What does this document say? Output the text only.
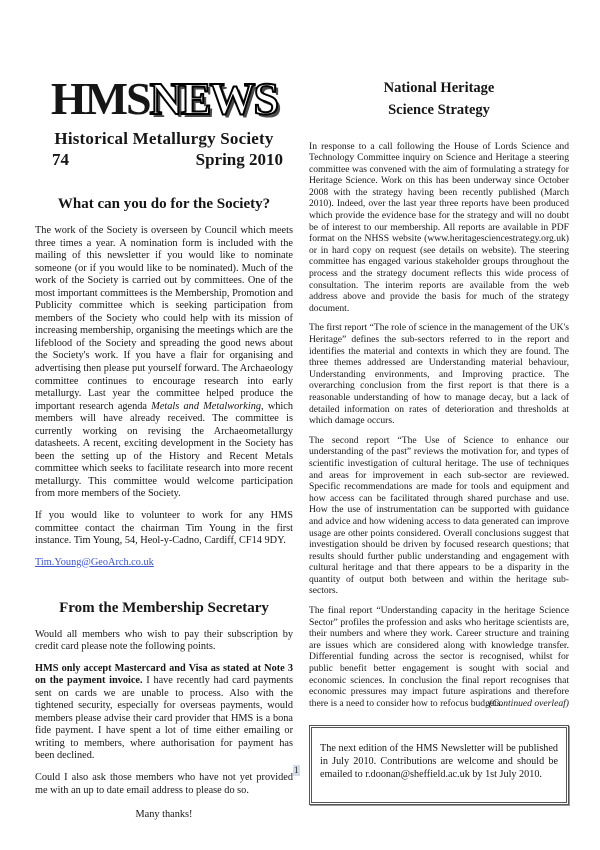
HMSNEWS
Historical Metallurgy Society
74	Spring 2010
What can you do for the Society?

The work of the Society is overseen by Council which meets three times a year. A nomination form is included with the mailing of this newsletter if you would like to nominate someone (or if you would like to be nominated). Much of the work of the Society is carried out by committees. One of the most important committees is the Membership, Promotion and Publicity committee which is seeking participation from members of the Society who could help with its mission of increasing membership, organising the meetings which are the lifeblood of the Society and spreading the good news about the Society's work. If you have a flair for organising and advertising then please put yourself forward. The Archaeology committee continues to encourage research into early metallurgy. Last year the committee helped produce the important research agenda Metals and Metalworking, which members will have already received. The committee is currently working on revising the Archaeometallurgy datasheets. A recent, exciting development in the Society has been the setting up of the History and Recent Metals committee which seeks to facilitate research into more recent metallurgy. This committee would welcome participation from more members of the Society.

If you would like to volunteer to work for any HMS committee contact the chairman Tim Young in the first instance. Tim Young, 54, Heol-y-Cadno, Cardiff, CF14 9DY.

Tim.Young@GeoArch.co.uk
From the Membership Secretary

Would all members who wish to pay their subscription by credit card please note the following points.

HMS only accept Mastercard and Visa as stated at Note 3 on the payment invoice. I have recently had card payments sent on cards we are unable to process. Also with the tightened security, especially for overseas payments, would members please advise their card provider that HMS is a bona fide payment. I have spent a lot of time either emailing or writing to members, where authorisation for payment has been declined.

Could I also ask those members who have not yet provided me with an up to date email address to please do so.

Many thanks!

National Heritage
Science Strategy

In response to a call following the House of Lords Science and Technology Committee inquiry on Science and Heritage a steering committee was convened with the aim of formulating a strategy for Heritage Science. Work on this has been underway since October 2008 with the strategy having been recently published (March 2010). Indeed, over the last year three reports have been produced which provide the evidence base for the strategy and will no doubt be of interest to our membership. All reports are available in PDF format on the NHSS website (www.heritagesciencestrategy.org.uk) or in hard copy on request (see details on website). The steering committee has engaged various stakeholder groups throughout the process and the strategy document reflects this wide process of consultation. The interim reports are available from the web address above and provide the basis for much of the strategy document.

The first report “The role of science in the management of the UK's Heritage” defines the sub-sectors referred to in the report and identifies the material and contexts in which they are found. The three themes addressed are Understanding material behaviour, Understanding environments, and Improving practice. The overarching conclusion from the first report is that there is a reasonable understanding of how to manage decay, but a lack of detailed information on rates of deterioration and thresholds at which damage occurs.

The second report “The Use of Science to enhance our understanding of the past” reviews the motivation for, and types of scientific investigation of cultural heritage. The use of techniques and areas for improvement in each sub-sector are reviewed. Specific recommendations are made for tools and equipment and how access can be facilitated through shared purchase and use. How the use of instrumentation can be supported with guidance and advice and how widening access to data generated can improve usage are other points considered. Overall conclusions suggest that investigation should be driven by focused research questions; that results should further public understanding and engagement with cultural heritage and that there appears to be a disparity in the quantity of output both between and within the heritage sub-sectors.

The final report “Understanding capacity in the heritage Science Sector” profiles the profession and asks who heritage scientists are, their numbers and where they work. Career structure and training are issues which are considered along with knowledge transfer. Differential funding across the sector is recognised, whilst for public benefit better engagement is sought with social and economic sciences. In conclusion the final report recognises that economic pressures may impact future aspirations and therefore there is a need to consider how to refocus budgets.
(Continued overleaf)

The next edition of the HMS Newsletter will be published in July 2010. Contributions are welcome and should be emailed to r.doonan@sheffield.ac.uk by 1st July 2010.

1
